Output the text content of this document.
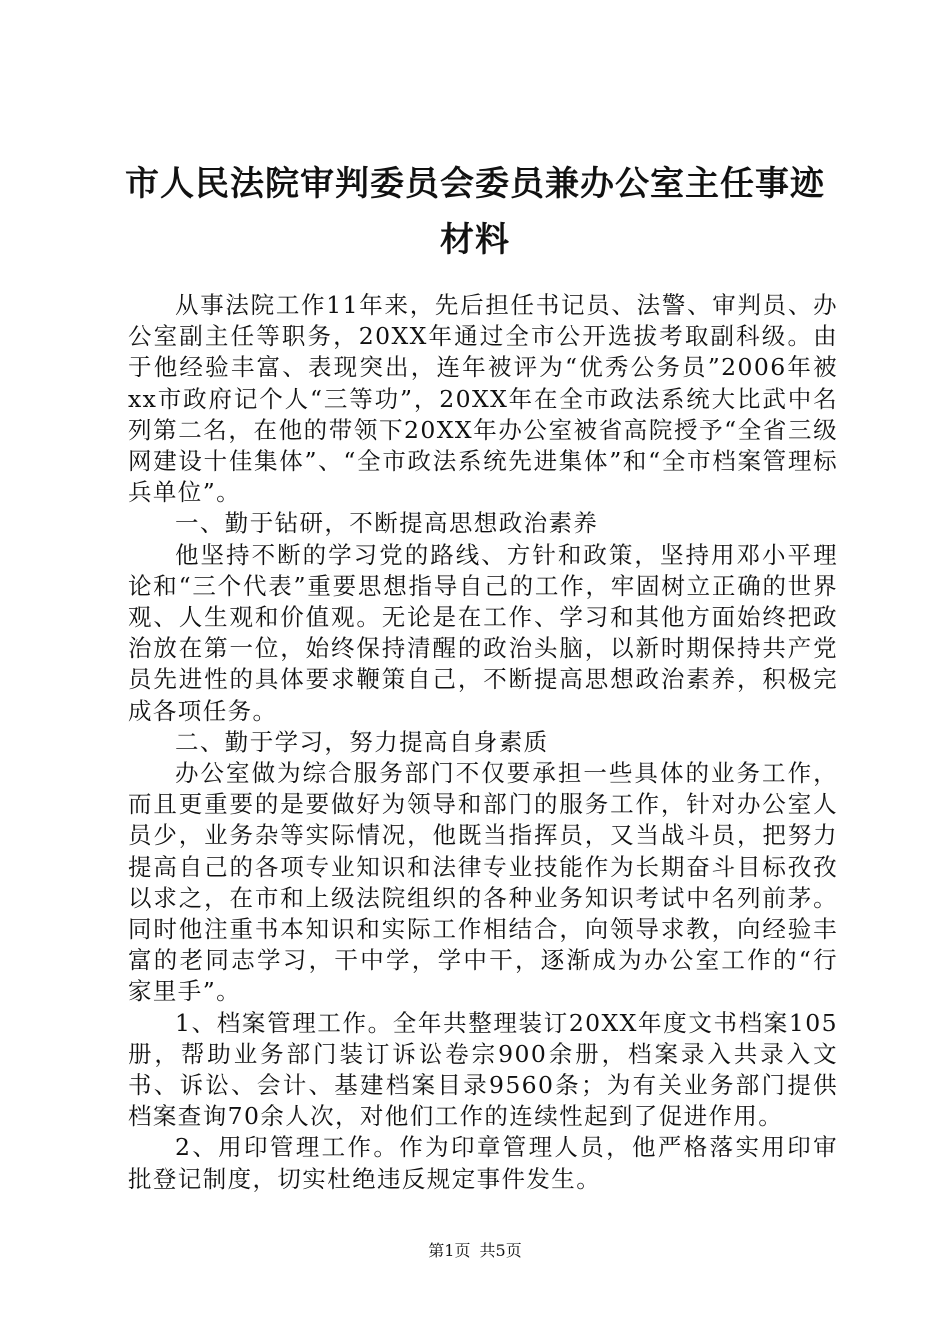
市人民法院审判委员会委员兼办公室主任事迹材料

从事法院工作11年来，先后担任书记员、法警、审判员、办公室副主任等职务，20XX年通过全市公开选拔考取副科级。由于他经验丰富、表现突出，连年被评为“优秀公务员”2006年被xx市政府记个人“三等功”，20XX年在全市政法系统大比武中名列第二名，在他的带领下20XX年办公室被省高院授予“全省三级网建设十佳集体”、“全市政法系统先进集体”和“全市档案管理标兵单位”。

一、勤于钻研，不断提高思想政治素养

他坚持不断的学习党的路线、方针和政策，坚持用邓小平理论和“三个代表”重要思想指导自己的工作，牢固树立正确的世界观、人生观和价值观。无论是在工作、学习和其他方面始终把政治放在第一位，始终保持清醒的政治头脑，以新时期保持共产党员先进性的具体要求鞭策自己，不断提高思想政治素养，积极完成各项任务。

二、勤于学习，努力提高自身素质

办公室做为综合服务部门不仅要承担一些具体的业务工作，而且更重要的是要做好为领导和部门的服务工作，针对办公室人员少，业务杂等实际情况，他既当指挥员，又当战斗员，把努力提高自己的各项专业知识和法律专业技能作为长期奋斗目标孜孜以求之，在市和上级法院组织的各种业务知识考试中名列前茅。同时他注重书本知识和实际工作相结合，向领导求教，向经验丰富的老同志学习，干中学，学中干，逐渐成为办公室工作的“行家里手”。

1、档案管理工作。全年共整理装订20XX年度文书档案105册，帮助业务部门装订诉讼卷宗900余册，档案录入共录入文书、诉讼、会计、基建档案目录9560条；为有关业务部门提供档案查询70余人次，对他们工作的连续性起到了促进作用。

2、用印管理工作。作为印章管理人员，他严格落实用印审批登记制度，切实杜绝违反规定事件发生。

第1页 共5页
